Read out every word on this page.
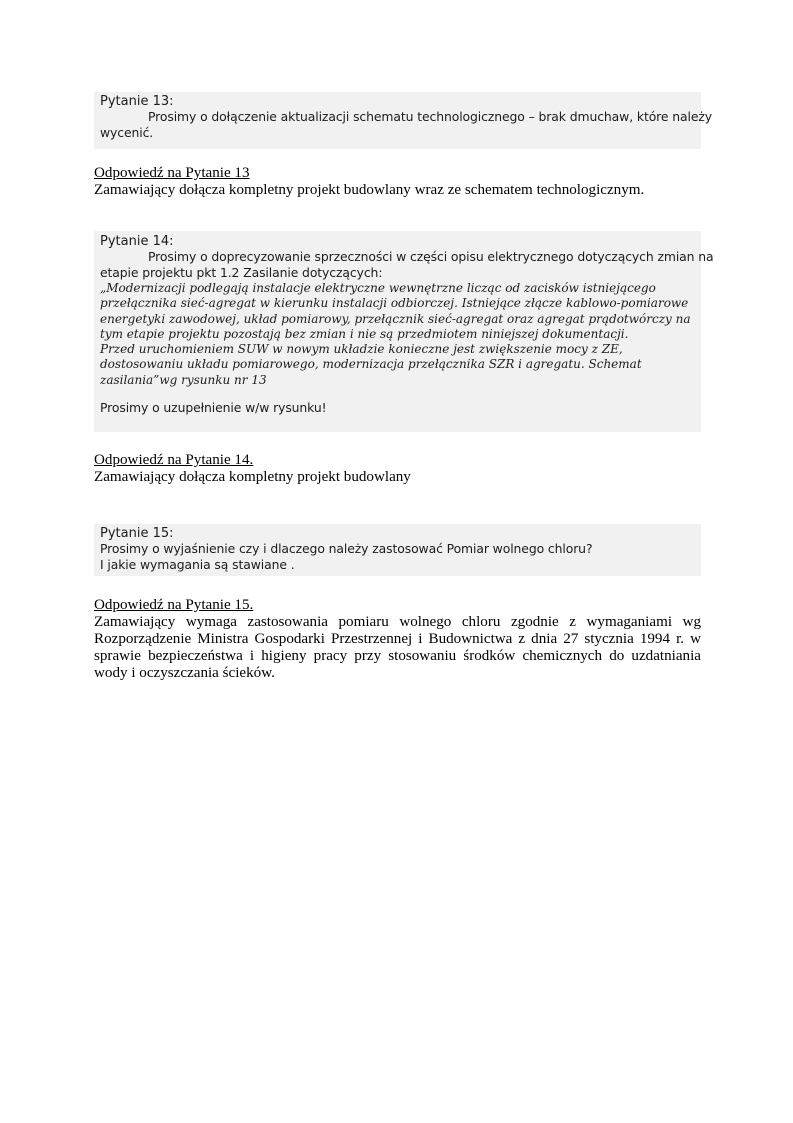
Pytanie 13:

Prosimy o dołączenie aktualizacji schematu technologicznego – brak dmuchaw, które należy

wycenić.

Odpowiedź na Pytanie 13
Zamawiający dołącza kompletny projekt budowlany wraz ze schematem technologicznym.

Pytanie 14:

Prosimy o doprecyzowanie sprzeczności w części opisu elektrycznego dotyczących zmian na

etapie projektu pkt 1.2 Zasilanie dotyczących:

„Modernizacji podlegają instalacje elektryczne wewnętrzne licząc od zacisków istniejącego

przełącznika sieć-agregat w kierunku instalacji odbiorczej. Istniejące złącze kablowo-pomiarowe

energetyki zawodowej, układ pomiarowy, przełącznik sieć-agregat oraz agregat prądotwórczy na

tym etapie projektu pozostają bez zmian i nie są przedmiotem niniejszej dokumentacji.

Przed uruchomieniem SUW w nowym układzie konieczne jest zwiększenie mocy z ZE,

dostosowaniu układu pomiarowego, modernizacja przełącznika SZR i agregatu. Schemat

zasilania”wg rysunku nr 13

Prosimy o uzupełnienie w/w rysunku!

Odpowiedź na Pytanie 14.
Zamawiający dołącza kompletny projekt budowlany

Pytanie 15:

Prosimy o wyjaśnienie czy i dlaczego należy zastosować Pomiar wolnego chloru?

I jakie wymagania są stawiane .

Odpowiedź na Pytanie 15.
Zamawiający wymaga zastosowania pomiaru wolnego chloru zgodnie z wymaganiami wg Rozporządzenie Ministra Gospodarki Przestrzennej i Budownictwa z dnia 27 stycznia 1994 r. w sprawie bezpieczeństwa i higieny pracy przy stosowaniu środków chemicznych do uzdatniania wody i oczyszczania ścieków.
